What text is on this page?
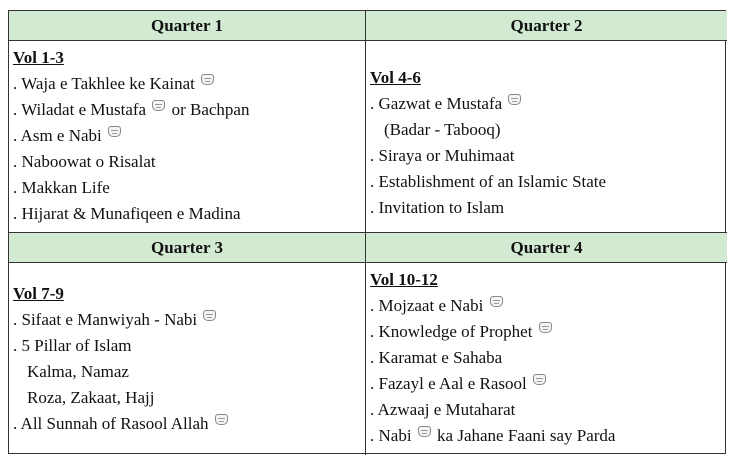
Quarter 1	Quarter 2
Vol 1-3
. Waja e Takhlee ke Kainat
. Wiladat e Mustafa  or Bachpan
. Asm e Nabi
. Naboowat o Risalat
. Makkan Life
. Hijarat & Munafiqeen e Madina
Vol 4-6
. Gazwat e Mustafa
(Badar - Tabooq)
. Siraya or Muhimaat
. Establishment of an Islamic State
. Invitation to Islam
Quarter 3	Quarter 4
Vol 7-9
. Sifaat e Manwiyah - Nabi
. 5 Pillar of Islam
Kalma, Namaz
Roza, Zakaat, Hajj
. All Sunnah of Rasool Allah
Vol 10-12
. Mojzaat e Nabi
. Knowledge of Prophet
. Karamat e Sahaba
. Fazayl e Aal e Rasool
. Azwaaj e Mutaharat
. Nabi  ka Jahane Faani say Parda
